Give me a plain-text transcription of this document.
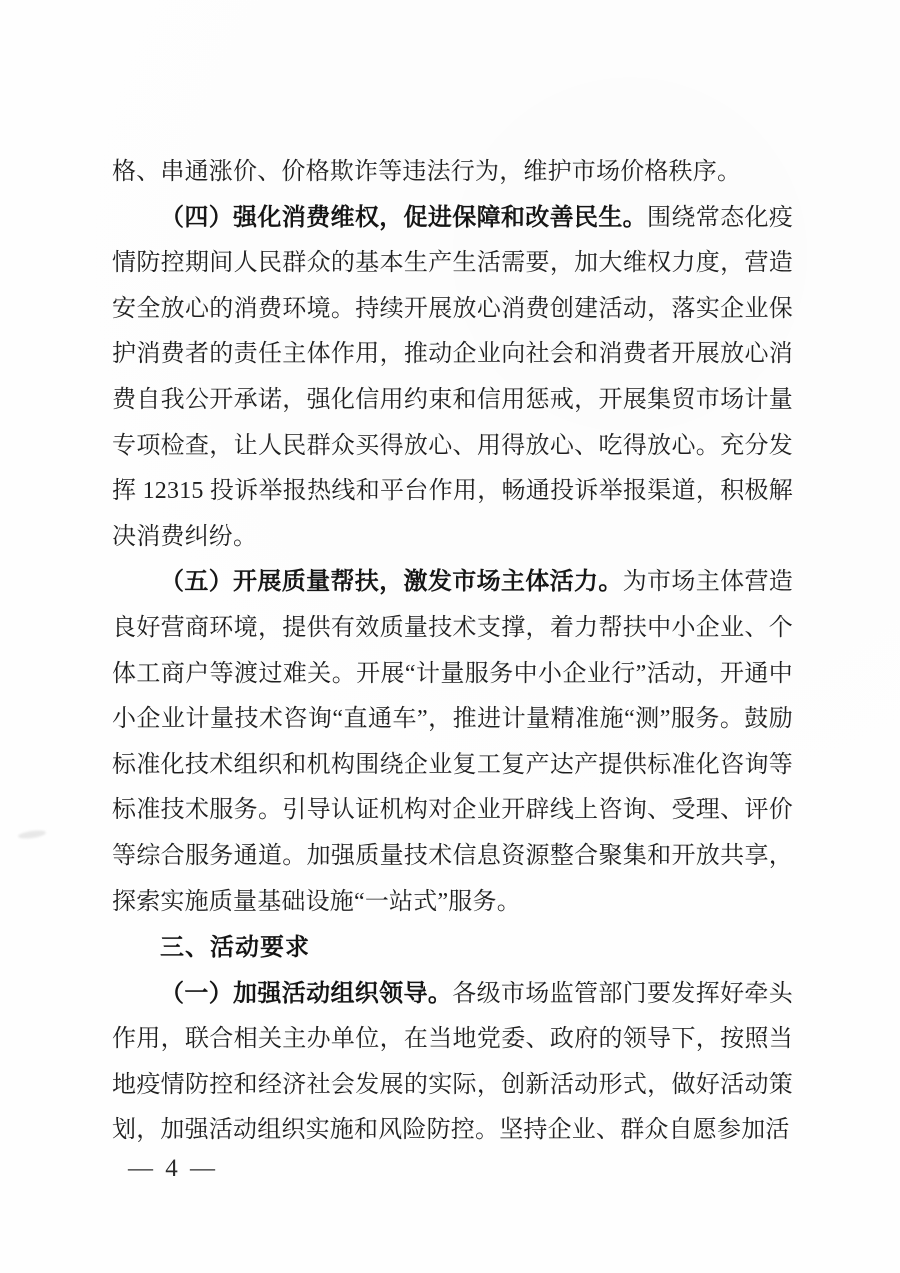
格、串通涨价、价格欺诈等违法行为，维护市场价格秩序。

（四）强化消费维权，促进保障和改善民生。围绕常态化疫情防控期间人民群众的基本生产生活需要，加大维权力度，营造安全放心的消费环境。持续开展放心消费创建活动，落实企业保护消费者的责任主体作用，推动企业向社会和消费者开展放心消费自我公开承诺，强化信用约束和信用惩戒，开展集贸市场计量专项检查，让人民群众买得放心、用得放心、吃得放心。充分发挥 12315 投诉举报热线和平台作用，畅通投诉举报渠道，积极解决消费纠纷。

（五）开展质量帮扶，激发市场主体活力。为市场主体营造良好营商环境，提供有效质量技术支撑，着力帮扶中小企业、个体工商户等渡过难关。开展“计量服务中小企业行”活动，开通中小企业计量技术咨询“直通车”，推进计量精准施“测”服务。鼓励标准化技术组织和机构围绕企业复工复产达产提供标准化咨询等标准技术服务。引导认证机构对企业开辟线上咨询、受理、评价等综合服务通道。加强质量技术信息资源整合聚集和开放共享，探索实施质量基础设施“一站式”服务。

三、活动要求

（一）加强活动组织领导。各级市场监管部门要发挥好牵头作用，联合相关主办单位，在当地党委、政府的领导下，按照当地疫情防控和经济社会发展的实际，创新活动形式，做好活动策划，加强活动组织实施和风险防控。坚持企业、群众自愿参加活

— 4 —
